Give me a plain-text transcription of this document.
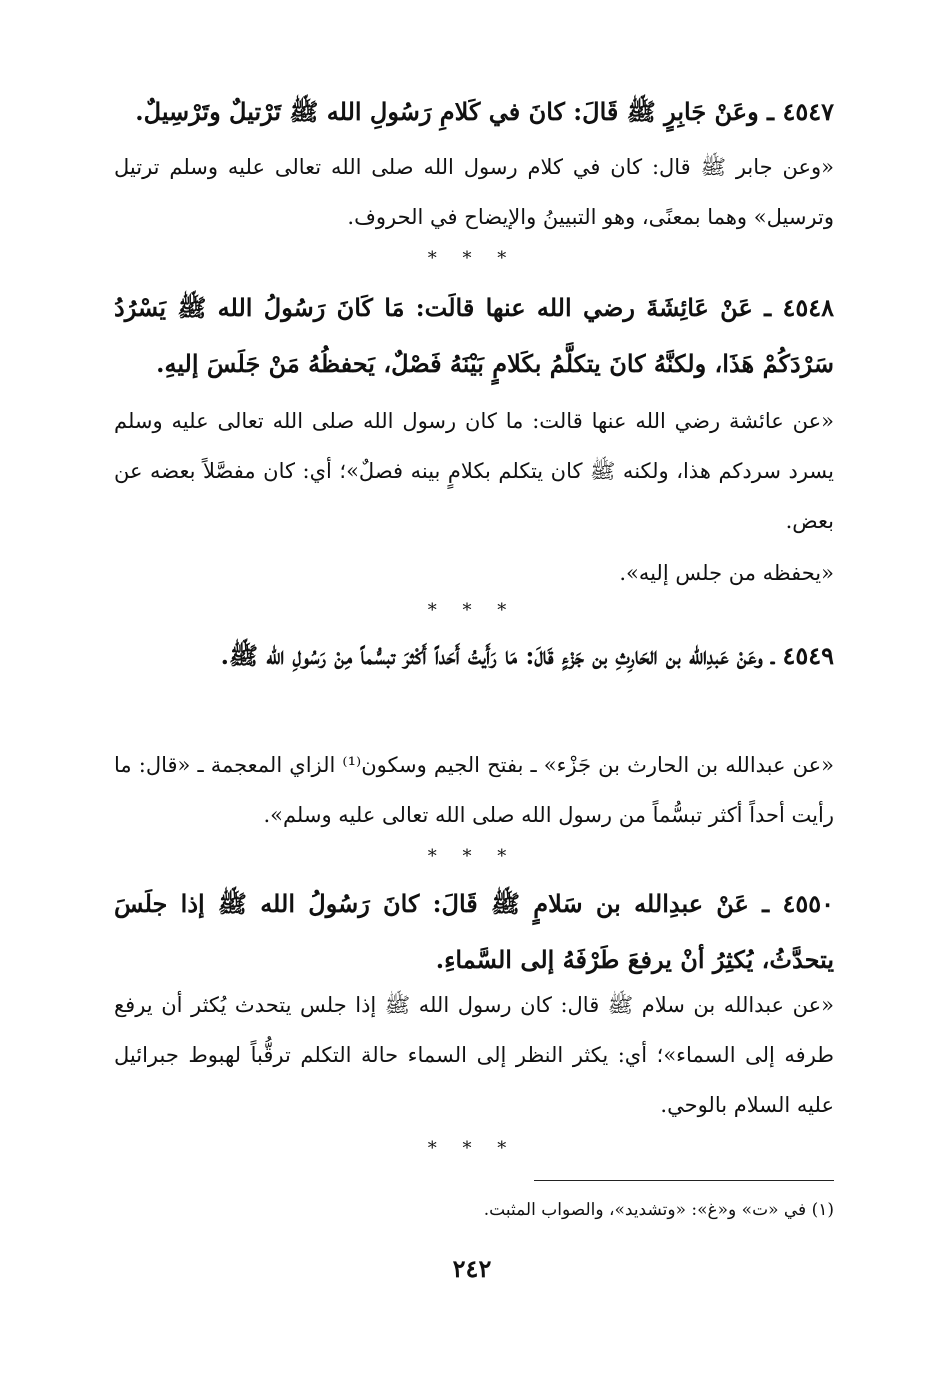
٤٥٤٧ ـ وعَنْ جَابِرٍ ﷺ قَالَ: كانَ في كَلامِ رَسُولِ الله ﷺ تَرْتيلٌ وتَرْسِيلٌ.
«وعن جابر ﷺ قال: كان في كلام رسول الله صلى الله تعالى عليه وسلم ترتيل وترسيل» وهما بمعنًى، وهو التبيينُ والإيضاح في الحروف.
* * *
٤٥٤٨ ـ عَنْ عَائِشَةَ رضي الله عنها قالَت: مَا كَانَ رَسُولُ الله ﷺ يَسْرُدُ سَرْدَكُمْ هَذَا، ولكنَّهُ كانَ يتكلَّمُ بكَلامٍ بَيْنَهُ فَصْلٌ، يَحفظُهُ مَنْ جَلَسَ إليهِ.
«عن عائشة رضي الله عنها قالت: ما كان رسول الله صلى الله تعالى عليه وسلم يسرد سردكم هذا، ولكنه ﷺ كان يتكلم بكلامٍ بينه فصلٌ»؛ أي: كان مفصَّلاً بعضه عن بعض.
«يحفظه من جلس إليه».
* * *
٤٥٤٩ ـ وعَنْ عَبدِالله بن الحَارِثِ بن جَزْءٍ قَالَ: مَا رَأَيتُ أَحَداً أَكْثرَ تبسُّماً مِنْ رَسُولِ الله ﷺ.
«عن عبدالله بن الحارث بن جَزْء» ـ بفتح الجيم وسكون⁽¹⁾ الزاي المعجمة ـ «قال: ما رأيت أحداً أكثر تبسُّماً من رسول الله صلى الله تعالى عليه وسلم».
* * *
٤٥٥٠ ـ عَنْ عبدِالله بن سَلامٍ ﷺ قَالَ: كانَ رَسُولُ الله ﷺ إذا جلَسَ يتحدَّثُ، يُكثِرُ أنْ يرفعَ طَرْفَهُ إلى السَّماءِ.
«عن عبدالله بن سلام ﷺ قال: كان رسول الله ﷺ إذا جلس يتحدث يُكثر أن يرفع طرفه إلى السماء»؛ أي: يكثر النظر إلى السماء حالة التكلم ترقُّباً لهبوط جبرائيل عليه السلام بالوحي.
* * *
(١) في «ت» و«غ»: «وتشديد»، والصواب المثبت.
٢٤٢
